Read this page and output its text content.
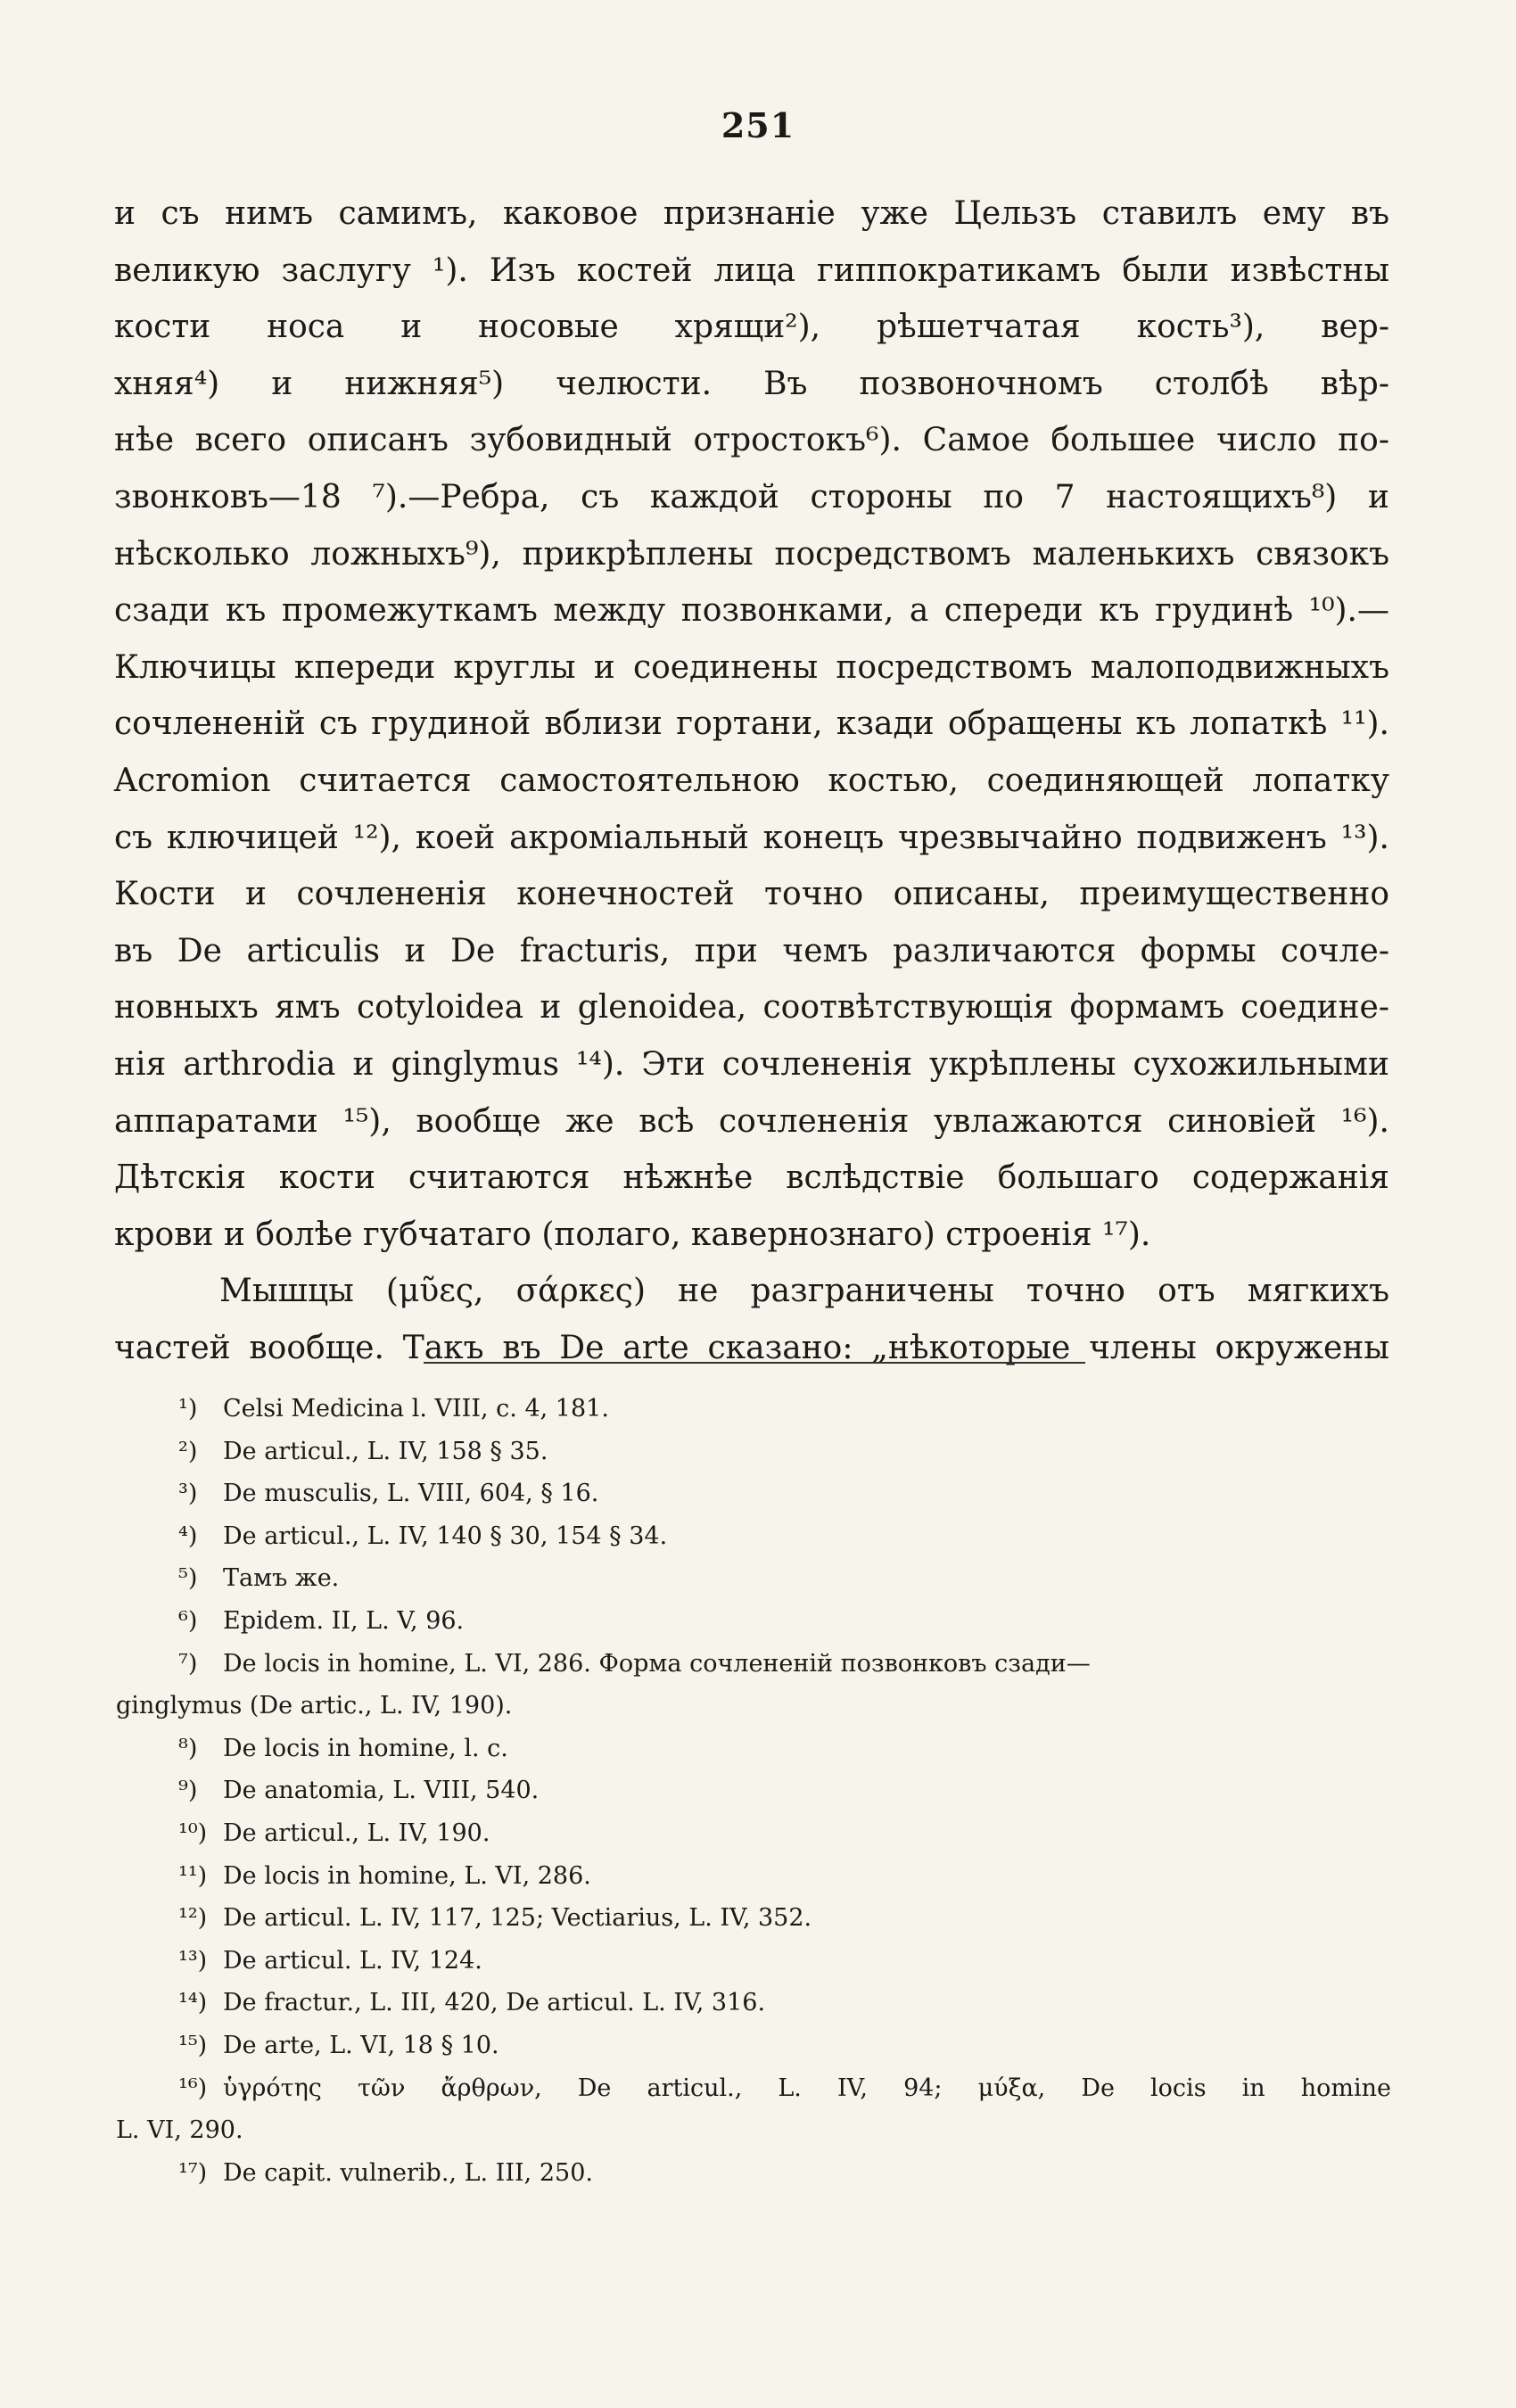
251
и съ нимъ самимъ, каковое признаніе уже Цельзъ ставилъ ему въ
великую заслугу ¹). Изъ костей лица гиппократикамъ были извѣстны
кости носа и носовые хрящи²), рѣшетчатая кость³), вер-
хняя⁴) и нижняя⁵) челюсти. Въ позвоночномъ столбѣ вѣр-
нѣе всего описанъ зубовидный отростокъ⁶). Самое большее число по-
звонковъ—18 ⁷).—Ребра, съ каждой стороны по 7 настоящихъ⁸) и
нѣсколько ложныхъ⁹), прикрѣплены посредствомъ маленькихъ связокъ
сзади къ промежуткамъ между позвонками, а спереди къ грудинѣ ¹⁰).—
Ключицы кпереди круглы и соединены посредствомъ малоподвижныхъ
сочлененій съ грудиной вблизи гортани, кзади обращены къ лопаткѣ ¹¹).
Acromion считается самостоятельною костью, соединяющей лопатку
съ ключицей ¹²), коей акроміальный конецъ чрезвычайно подвиженъ ¹³).
Кости и сочлененія конечностей точно описаны, преимущественно
въ De articulis и De fracturis, при чемъ различаются формы сочле-
новныхъ ямъ cotyloidea и glenoidea, соотвѣтствующія формамъ соедине-
нія arthrodia и ginglymus ¹⁴). Эти сочлененія укрѣплены сухожильными
аппаратами ¹⁵), вообще же всѣ сочлененія увлажаются синовіей ¹⁶).
Дѣтскія кости считаются нѣжнѣе вслѣдствіе большаго содержанія
крови и болѣе губчатаго (полаго, кавернознаго) строенія ¹⁷).
Мышцы (μῦες, σάρκες) не разграничены точно отъ мягкихъ
частей вообще. Такъ въ De arte сказано: „нѣкоторые члены окружены
¹) Celsi Medicina l. VIII, c. 4, 181.
²) De articul., L. IV, 158 § 35.
³) De musculis, L. VIII, 604, § 16.
⁴) De articul., L. IV, 140 § 30, 154 § 34.
⁵) Тамъ же.
⁶) Epidem. II, L. V, 96.
⁷) De locis in homine, L. VI, 286. Форма сочлененій позвонковъ сзади—
ginglymus (De artic., L. IV, 190).
⁸) De locis in homine, l. c.
⁹) De anatomia, L. VIII, 540.
¹⁰) De articul., L. IV, 190.
¹¹) De locis in homine, L. VI, 286.
¹²) De articul. L. IV, 117, 125; Vectiarius, L. IV, 352.
¹³) De articul. L. IV, 124.
¹⁴) De fractur., L. III, 420, De articul. L. IV, 316.
¹⁵) De arte, L. VI, 18 § 10.
¹⁶) ὑγρότης τῶν ἄρθρων, De articul., L. IV, 94; μύξα, De locis in homine
L. VI, 290.
¹⁷) De capit. vulnerib., L. III, 250.
